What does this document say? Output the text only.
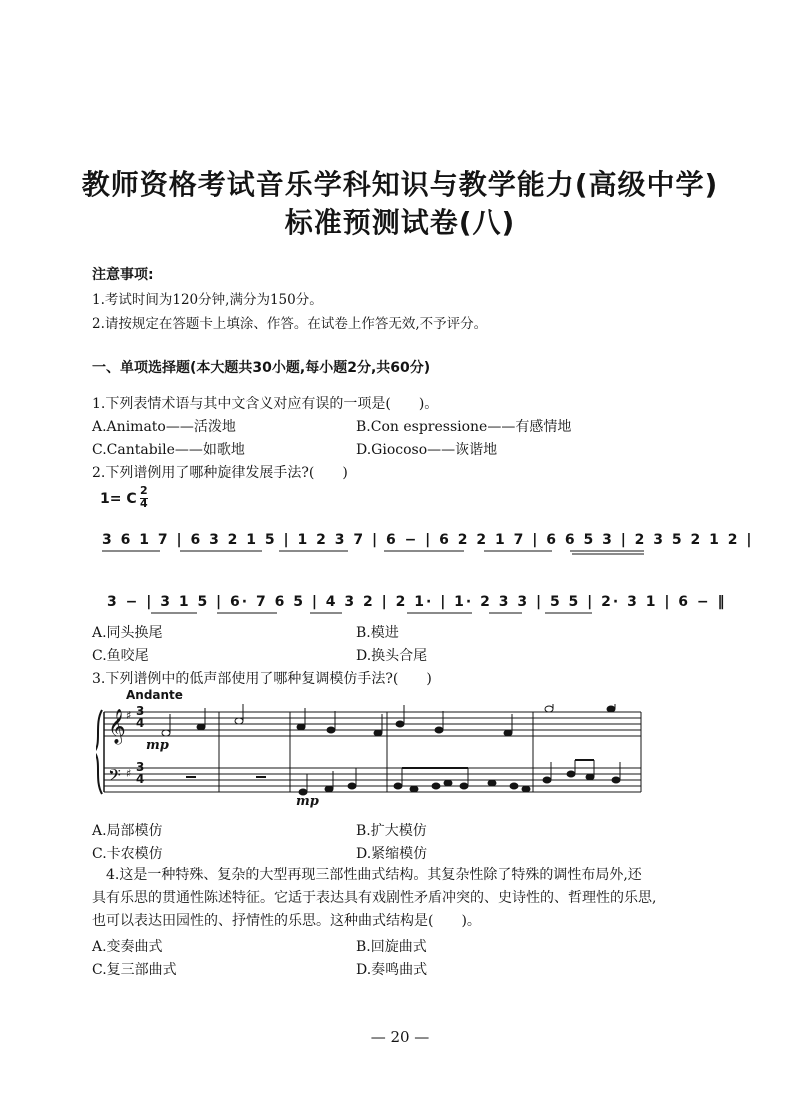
教师资格考试音乐学科知识与教学能力(高级中学)
标准预测试卷(八)
注意事项:
1.考试时间为120分钟,满分为150分。
2.请按规定在答题卡上填涂、作答。在试卷上作答无效,不予评分。
一、单项选择题(本大题共30小题,每小题2分,共60分)
1.下列表情术语与其中文含义对应有误的一项是(　　)。
A.Animato——活泼地	B.Con espressione——有感情地
C.Cantabile——如歌地	D.Giocoso——诙谐地
2.下列谱例用了哪种旋律发展手法?(　　)
1= C
2
4
3 6 1 7 | 6 3 2 1 5 | 1 2 3 7 | 6 − | 6 2 2 1 7 | 6 6 5 3 | 2 3 5 2 1 2 |
3 − | 3 1 5 | 6· 7 6 5 | 4 3 2 | 2 1· | 1· 2 3 3 | 5 5 | 2· 3 1 | 6 − ‖
A.同头换尾	B.模进
C.鱼咬尾	D.换头合尾
3.下列谱例中的低声部使用了哪种复调模仿手法?(　　)
Andante
𝄞
𝄢
♯
♯
3
4
3
4
mp
mp
A.局部模仿	B.扩大模仿
C.卡农模仿	D.紧缩模仿
4.这是一种特殊、复杂的大型再现三部性曲式结构。其复杂性除了特殊的调性布局外,还
具有乐思的贯通性陈述特征。它适于表达具有戏剧性矛盾冲突的、史诗性的、哲理性的乐思,
也可以表达田园性的、抒情性的乐思。这种曲式结构是(　　)。
A.变奏曲式	B.回旋曲式
C.复三部曲式	D.奏鸣曲式
— 20 —
